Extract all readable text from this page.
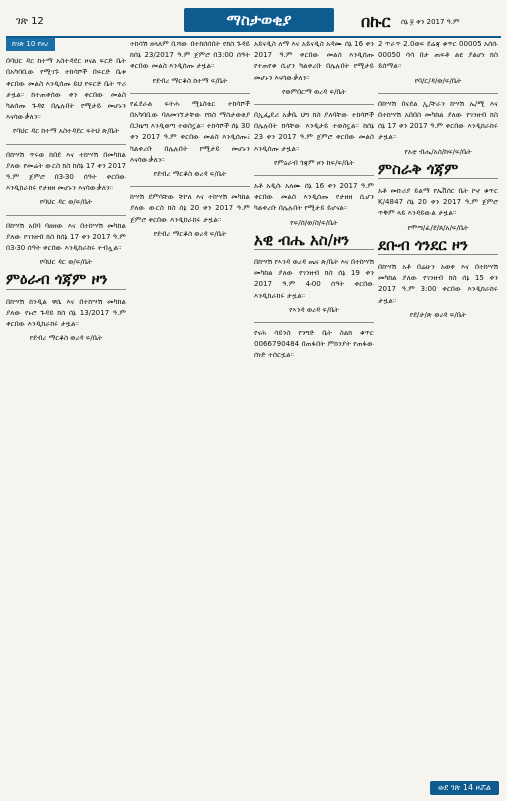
ገጽ 12	ማስታወቂያ	በኩር ሰኔ ፱ ቀን 2017 ዓ.ም
ከገጽ 10 የዞረ

በባህር ዳር ከተማ አስተዳደር ዞናል ፍርድ ቤት በአካባቢው የሚገኙ ተከሳሾች በፍርድ ቤቱ ቀርበው መልስ እንዲሰጡ ይህ የፍርድ ቤት ጥሪ ታዟል። ከተጠቀሰው ቀን ቀርበው መልስ ካልሰጡ ጉዳዩ በሌሉበት የሚታይ መሆኑን እናሳውቃለን።

የባህር ዳር ከተማ አስተዳደር ፍትህ ጽ/ቤት

በከሣሽ ጥሩወ ከበደ እና ተከሣሽ በመካከል ያለው የመሬት ውርስ ክስ ከሰኔ 17 ቀን 2017 ዓ.ም ጀምሮ በ3፡30 ሰዓት ቀርበው እንዲከራከሩ የታዘዘ መሆኑን እናሳውቃለን።

የባህር ዳር ወ/ፍ/ቤት

በከሣሽ አበባ ባዘዘው እና በተከሣሽ መካከል ያለው የገንዘብ ክስ ከሰኔ 17 ቀን 2017 ዓ.ም በ3፡30 ሰዓት ቀርበው እንዲከራከሩ ተብሏል።

የባህር ዳር ወ/ፍ/ቤት
ምዕራብ ጎጃም ዞን

በከሣሽ ከንዲል ዋሴ እና በተከሣሽ መካከል ያለው የኑሮ ጉዳይ ክስ ሰኔ 13/2017 ዓ.ም ቀርበው እንዲከራከሩ ታዟል።

የደብረ ማርቆስ ወረዳ ፍ/ቤት

ተከሳሽ ዘላለም ቢሻው በተከሰሰበት የክስ ጉዳይ ከሰኔ 23/2017 ዓ.ም ጀምሮ በ3:00 ሰዓት ቀርበው መልስ እንዲሰጡ ታዟል።

የደብረ ማርቆስ ከተማ ፍ/ቤት

የፈደራል ፍትሕ ሚኒስቴር ተከሳሾች በአካባቢው ባለመገኘታቸው የክስ ማስታወቂያ በጋዜጣ እንዲወጣ ተወስኗል። ተከሳሾች ሰኔ 30 ቀን 2017 ዓ.ም ቀርበው መልስ እንዲሰጡ፤ ካልቀረቡ በሌሉበት የሚታይ መሆኑን እናሳውቃለን።

የደብረ ማርቆስ ወረዳ ፍ/ቤት

ከሣሽ ደምሳቸው ቸኮለ እና ተከሣሽ መካከል ያለው ውርስ ክስ ሰኔ 20 ቀን 2017 ዓ.ም ጀምሮ ቀርበው እንዲከራከሩ ታዟል።

የደብረ ማርቆስ ወረዳ ፍ/ቤት

አይናዲስ ለማ እና አይናዲስ አዳሙ ሰኔ 16 ቀን 2017 ዓ.ም ቀርበው መልስ እንዲሰጡ የተጠየቁ ሲሆን ካልቀረቡ በሌሉበት የሚታይ መሆኑን እናሳውቃለን።

የወምበርማ ወረዳ ፍ/ቤት

በኢፌዴሪ አቃቤ ህግ ክስ ያለባቸው ተከሳሾች በሌሉበት ክሳቸው እንዲታይ ተወስኗል። ከሰኔ 23 ቀን 2017 ዓ.ም ጀምሮ ቀርበው መልስ እንዲሰጡ ታዟል።

የምዕራብ ጎጃም ዞን ከፍ/ፍ/ቤት

አቶ አዲሱ አለሙ ሰኔ 16 ቀን 2017 ዓ.ም ቀርበው መልስ እንዲሰጡ የታዘዘ ሲሆን ካልቀረቡ በሌሉበት የሚታይ ይሆናል።

የፍ/ሰ/ወ/ስ/ፍ/ቤት
አዊ ብሔ አስ/ዞን

በከሣሽ የኣንዳ ወረዳ ጤና ጽ/ቤት እና በተከሣሽ መካከል ያለው የገንዘብ ክስ ሰኔ 19 ቀን 2017 ዓ.ም 4፡00 ሰዓት ቀርበው እንዲከራከሩ ታዟል።

የኣንዳ ወረዳ ፍ/ቤት

የናሕ ሳይንስ የንግድ ቤት ስልክ ቁጥር 0066790484 በጠፋበት ምክንያት የጠፋው ሰነድ ተሰርዟል።

2 ጥራጥ 2.0ወፍ ደሬጃ ቁጥር 00005 አሰሱ 00050 ሳሳ በታ ጠፍቶ ልዩ ያልሆነ ክስ ይሰማል።

የባ/ር/ዳ/ወ/ፍ/ቤት

በከሣሽ በናደል ኢ/ቸራን ከሣሽ ኤ/ሚ እና በተከሣሽ አበበስ መካከል ያለው የገንዘብ ክስ ሰኔ 17 ቀን 2017 ዓ.ም ቀርበው እንዲከራከሩ ታዟል።

የአቲ ብሔ/አስ/ከፍ/ፍ/ቤት
ምስራቅ ጎጃም

አቶ መኩሪያ ይልማ የኤቨሰር ቤት ኮኖ ቁጥር K/4847 ሰኔ 20 ቀን 2017 ዓ.ም ጀምሮ ጥቅም ላይ እንዳይውል ታዟል።

የሞጣ/ፈ/ደ/ጸ/አ/ፍ/ቤት
ደቡብ ጎንደር ዞን

በከሣሽ አቶ በሬሁን አወቀ እና በተከሣሽ መካከል ያለው የገንዘብ ክስ ሰኔ 15 ቀን 2017 ዓ.ም 3:00 ቀርበው እንዲከራከሩ ታዟል።

የደ/ታ/ጽ ወረዳ ፍ/ቤት
ወደ ገጽ 14 ዞሯል
